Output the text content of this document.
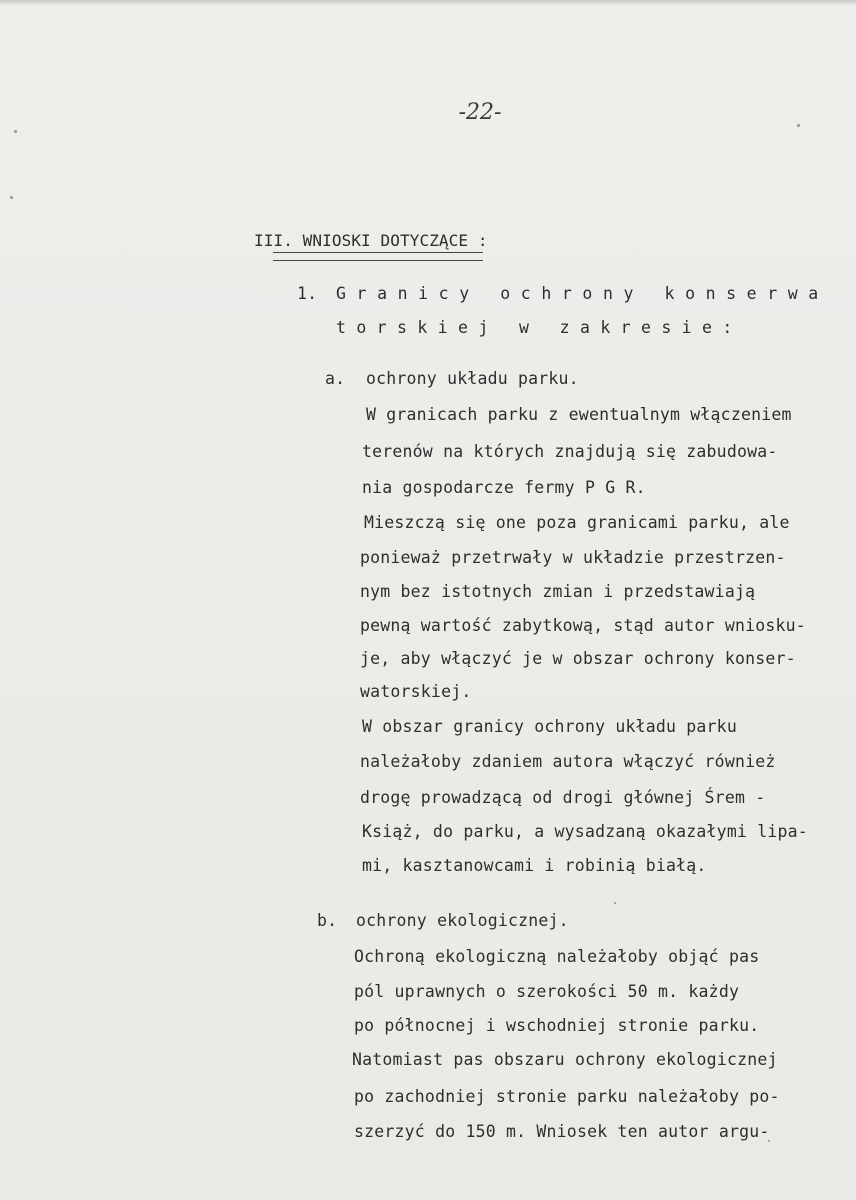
-22-
III. WNIOSKI DOTYCZĄCE :
1. Granicy ochrony konserwa
torskiej w zakresie:
a. ochrony układu parku.
W granicach parku z ewentualnym włączeniem
terenów na których znajdują się zabudowa-
nia gospodarcze fermy P G R.
Mieszczą się one poza granicami parku, ale
ponieważ przetrwały w układzie przestrzen-
nym bez istotnych zmian i przedstawiają
pewną wartość zabytkową, stąd autor wniosku-
je, aby włączyć je w obszar ochrony konser-
watorskiej.
W obszar granicy ochrony układu parku
należałoby zdaniem autora włączyć również
drogę prowadzącą od drogi głównej Śrem -
Książ, do parku, a wysadzaną okazałymi lipa-
mi, kasztanowcami i robinią białą.
b. ochrony ekologicznej.
Ochroną ekologiczną należałoby objąć pas
pól uprawnych o szerokości 50 m. każdy
po północnej i wschodniej stronie parku.
Natomiast pas obszaru ochrony ekologicznej
po zachodniej stronie parku należałoby po-
szerzyć do 150 m. Wniosek ten autor argu-
